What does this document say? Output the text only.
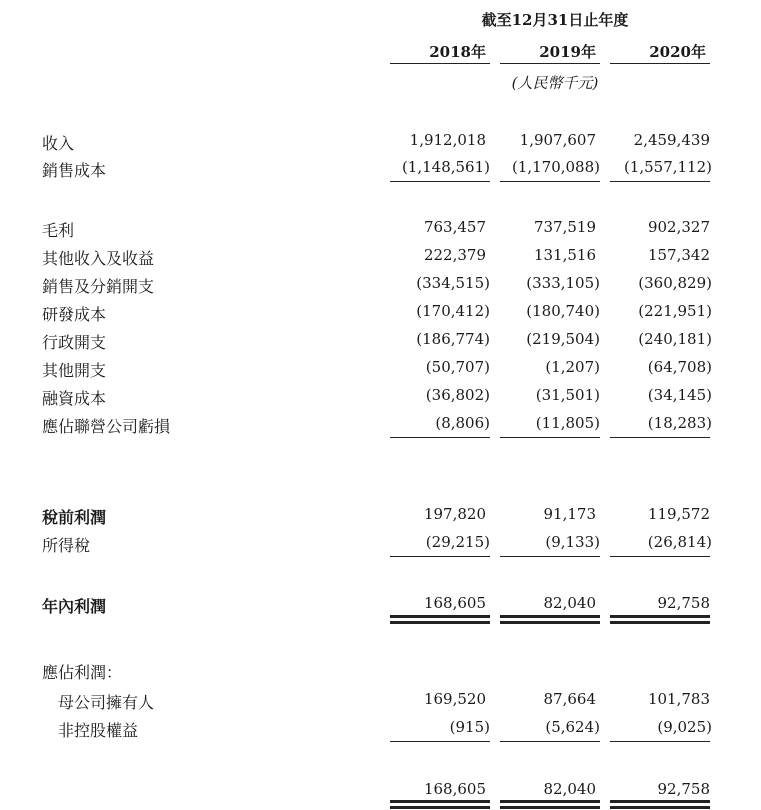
截至12月31日止年度
2018年	2019年	2020年
(人民幣千元)
收入	1,912,018	1,907,607	2,459,439
銷售成本	(1,148,561)	(1,170,088)	(1,557,112)
毛利	763,457	737,519	902,327
其他收入及收益	222,379	131,516	157,342
銷售及分銷開支	(334,515)	(333,105)	(360,829)
研發成本	(170,412)	(180,740)	(221,951)
行政開支	(186,774)	(219,504)	(240,181)
其他開支	(50,707)	(1,207)	(64,708)
融資成本	(36,802)	(31,501)	(34,145)
應佔聯營公司虧損	(8,806)	(11,805)	(18,283)
稅前利潤	197,820	91,173	119,572
所得稅	(29,215)	(9,133)	(26,814)
年內利潤	168,605	82,040	92,758
應佔利潤：
母公司擁有人	169,520	87,664	101,783
非控股權益	(915)	(5,624)	(9,025)
168,605	82,040	92,758
